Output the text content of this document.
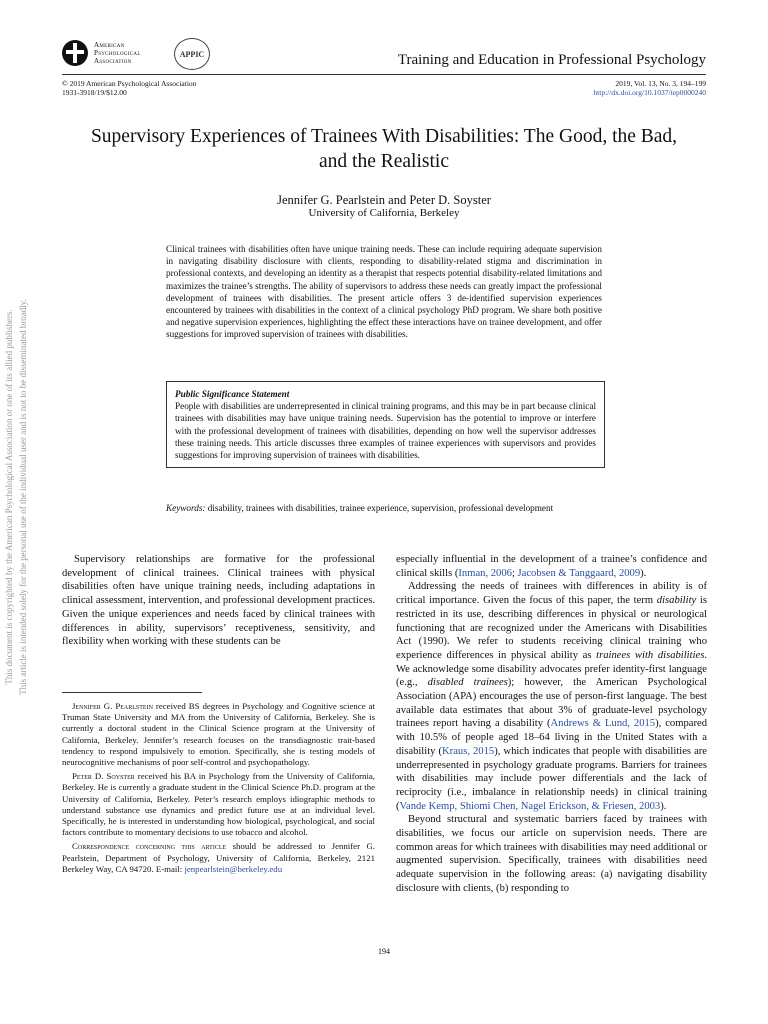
American
Psychological
Association
APPIC	Training and Education in Professional Psychology
© 2019 American Psychological Association
1931-3918/19/$12.00
2019, Vol. 13, No. 3, 194–199
http://dx.doi.org/10.1037/tep0000240
Supervisory Experiences of Trainees With Disabilities: The Good, the Bad,
and the Realistic
Jennifer G. Pearlstein and Peter D. Soyster
University of California, Berkeley
Clinical trainees with disabilities often have unique training needs. These can include requiring adequate supervision in navigating disability disclosure with clients, responding to disability-related stigma and discrimination in professional contexts, and developing an identity as a therapist that respects potential disability-related limitations and maximizes the trainee’s strengths. The ability of supervisors to address these needs can greatly impact the professional development of trainees with disabilities. The present article offers 3 de-identified supervision experiences encountered by trainees with disabilities in the context of a clinical psychology PhD program. We share both positive and negative supervision experiences, highlighting the effect these interactions have on trainee development, and offer suggestions for improved supervision of trainees with disabilities.
Public Significance Statement
People with disabilities are underrepresented in clinical training programs, and this may be in part because clinical trainees with disabilities may have unique training needs. Supervision has the potential to improve or interfere with the professional development of trainees with disabilities, depending on how well the supervisor addresses these training needs. This article discusses three examples of trainee experiences with supervisors and provides suggestions for improving supervision of trainees with disabilities.
Keywords: disability, trainees with disabilities, trainee experience, supervision, professional development

Supervisory relationships are formative for the professional development of clinical trainees. Clinical trainees with physical disabilities often have unique training needs, including adaptations in clinical assessment, intervention, and professional development practices. Given the unique experiences and needs faced by clinical trainees with differences in ability, supervisors’ receptiveness, sensitivity, and flexibility when working with these students can be

Jennifer G. Pearlstein received BS degrees in Psychology and Cognitive science at Truman State University and MA from the University of California, Berkeley. She is currently a doctoral student in the Clinical Science program at the University of California, Berkeley. Jennifer’s research focuses on the transdiagnostic trait-based tendency to respond impulsively to emotion. Specifically, she is testing models of neurocognitive mechanisms of poor self-control and psychopathology.

Peter D. Soyster received his BA in Psychology from the University of California, Berkeley. He is currently a graduate student in the Clinical Science Ph.D. program at the University of California, Berkeley. Peter’s research employs idiographic methods to understand substance use dynamics and predict future use at an individual level. Specifically, he is interested in understanding how biological, psychological, and social factors contribute to momentary decisions to use tobacco and alcohol.

Correspondence concerning this article should be addressed to Jennifer G. Pearlstein, Department of Psychology, University of California, Berkeley, 2121 Berkeley Way, CA 94720. E-mail: jenpearlstein@berkeley.edu

especially influential in the development of a trainee’s confidence and clinical skills (Inman, 2006; Jacobsen & Tanggaard, 2009).

Addressing the needs of trainees with differences in ability is of critical importance. Given the focus of this paper, the term disability is restricted in its use, describing differences in physical or neurological functioning that are recognized under the Americans with Disabilities Act (1990). We refer to students receiving clinical training who experience differences in physical ability as trainees with disabilities. We acknowledge some disability advocates prefer identity-first language (e.g., disabled trainees); however, the American Psychological Association (APA) encourages the use of person-first language. The best available data estimates that about 3% of graduate-level psychology trainees report having a disability (Andrews & Lund, 2015), compared with 10.5% of people aged 18–64 living in the United States with a disability (Kraus, 2015), which indicates that people with disabilities are underrepresented in psychology graduate programs. Barriers for trainees with disabilities may include power differentials and the lack of reciprocity (i.e., imbalance in relationship needs) in clinical training (Vande Kemp, Shiomi Chen, Nagel Erickson, & Friesen, 2003).

Beyond structural and systematic barriers faced by trainees with disabilities, we focus our article on supervision needs. There are common areas for which trainees with disabilities may need additional or augmented supervision. Specifically, trainees with disabilities need adequate supervision in the following areas: (a) navigating disability disclosure with clients, (b) responding to

194
This document is copyrighted by the American Psychological Association or one of its allied publishers. This article is intended solely for the personal use of the individual user and is not to be disseminated broadly.
